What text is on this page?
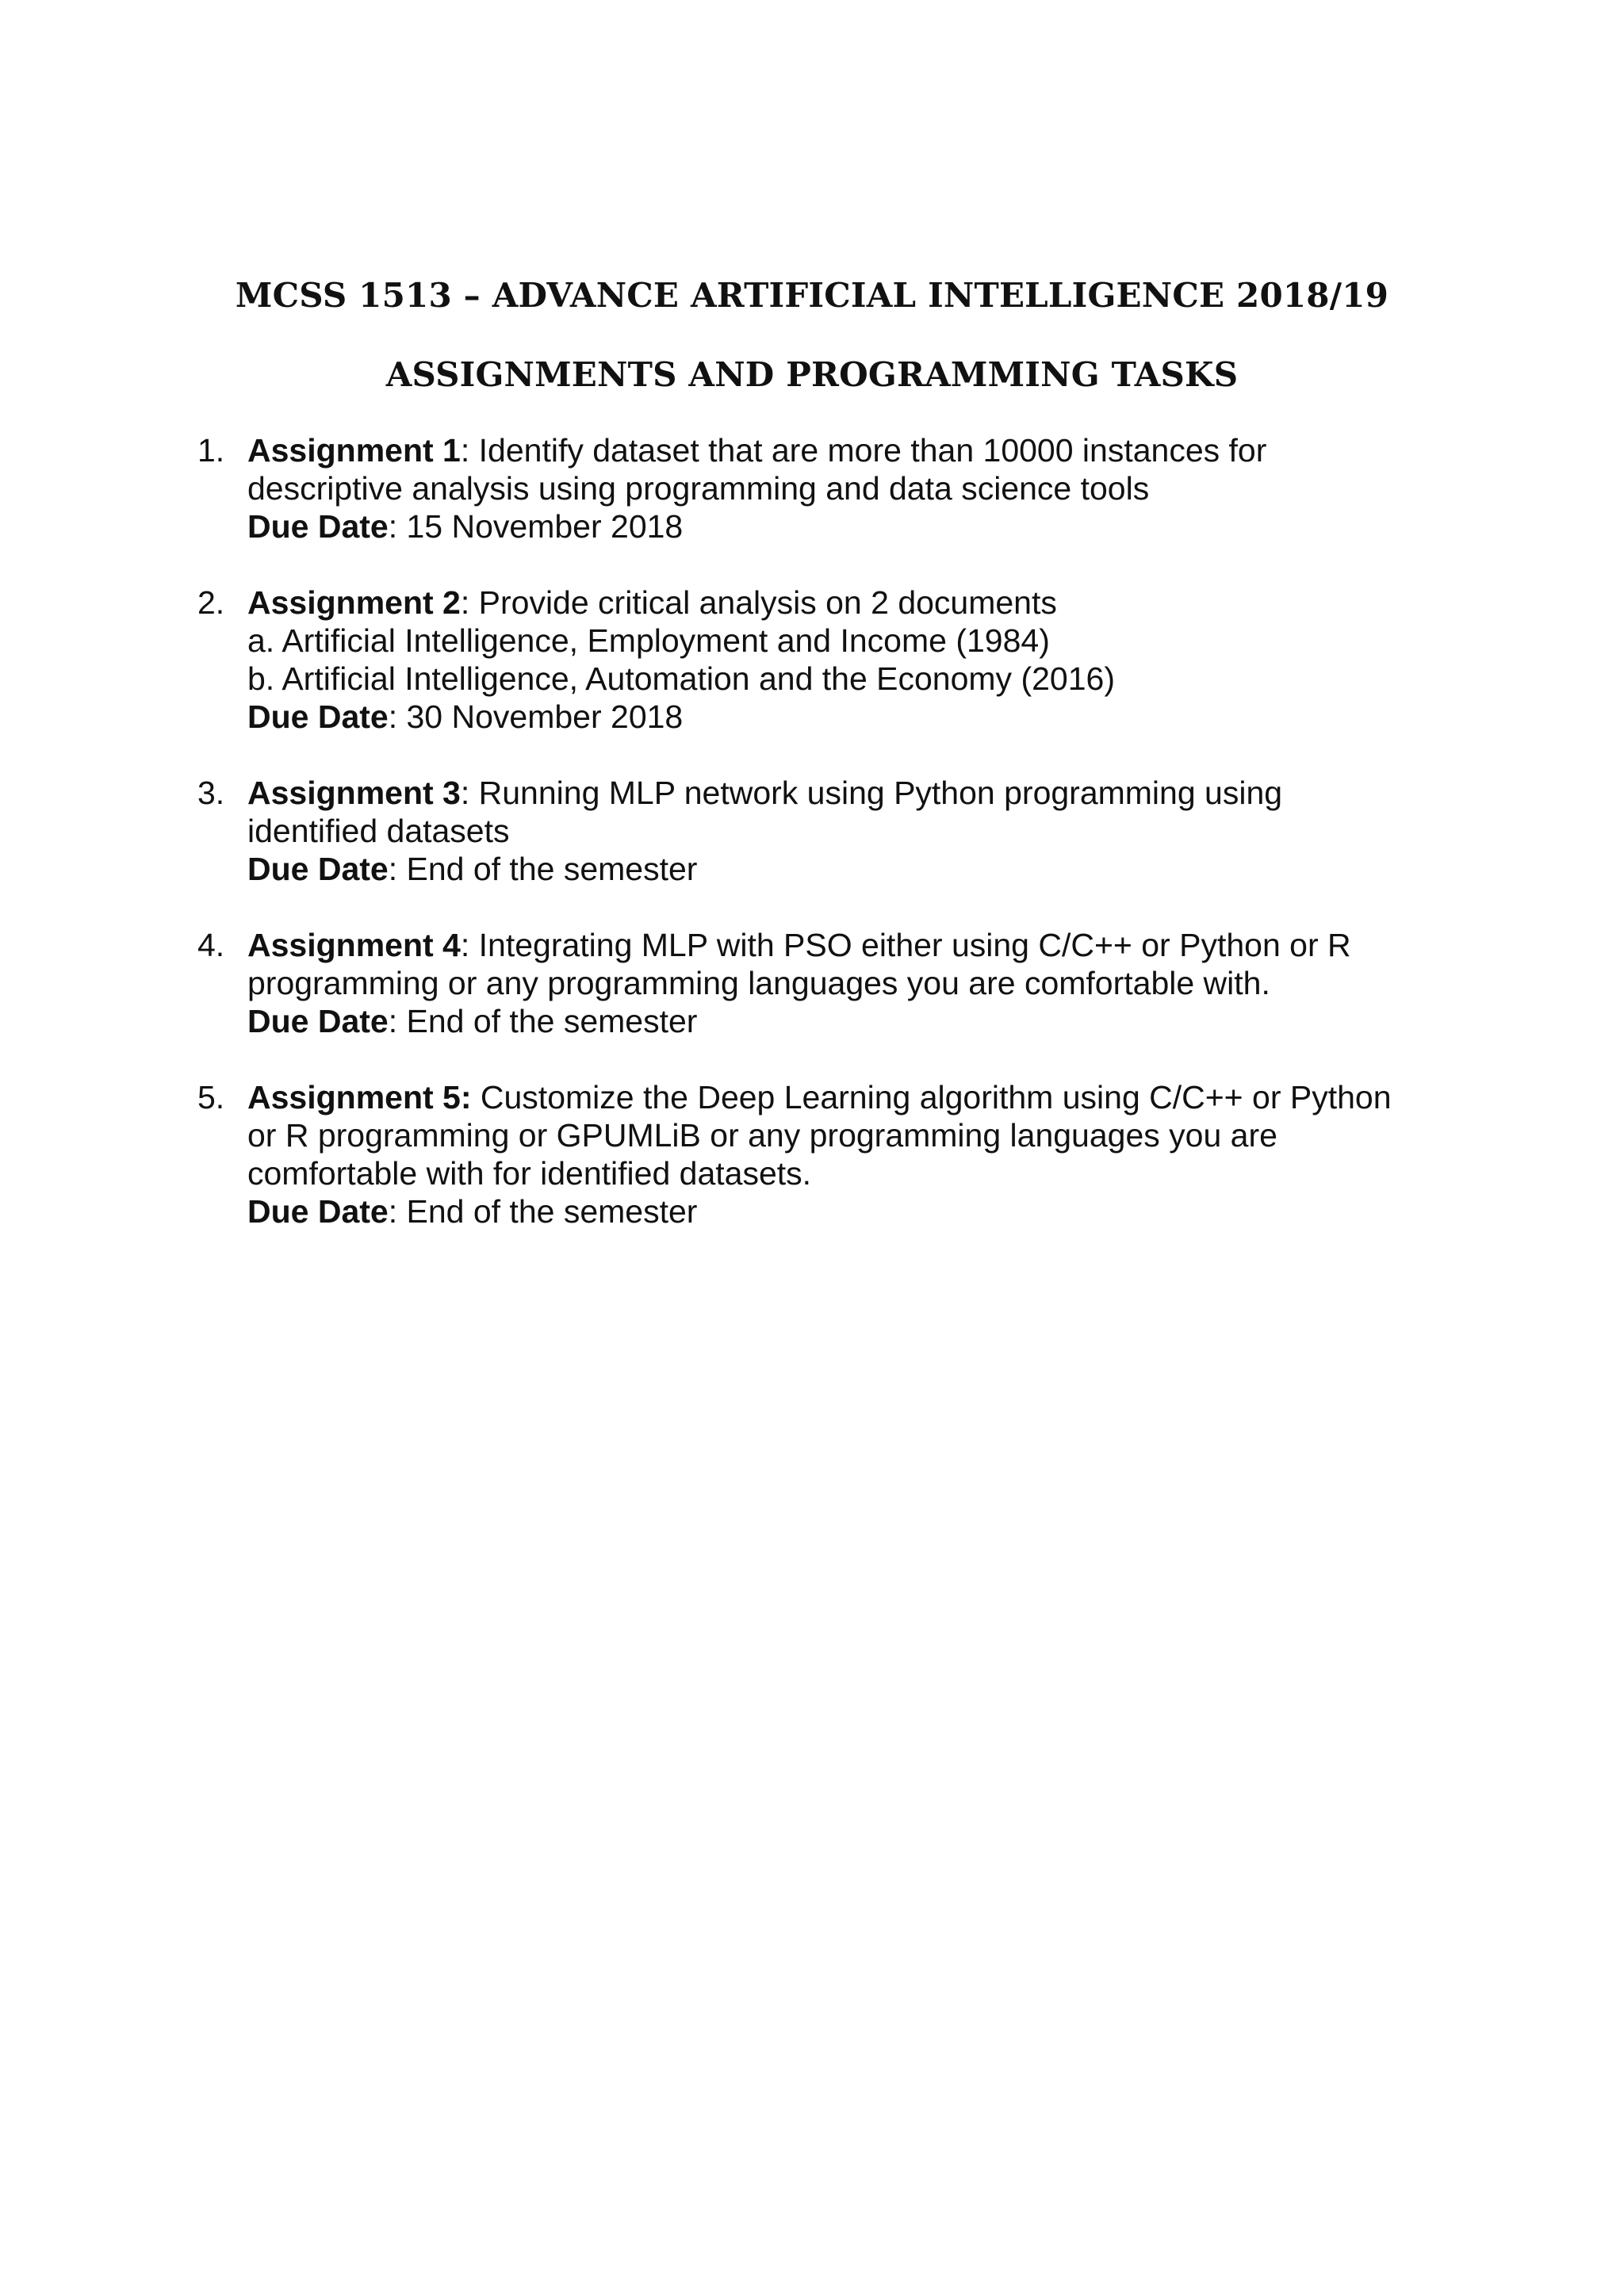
MCSS 1513 – ADVANCE ARTIFICIAL INTELLIGENCE 2018/19
ASSIGNMENTS AND PROGRAMMING TASKS
1. Assignment 1: Identify dataset that are more than 10000 instances for
descriptive analysis using programming and data science tools
Due Date: 15 November 2018
2. Assignment 2: Provide critical analysis on 2 documents
a. Artificial Intelligence, Employment and Income (1984)
b. Artificial Intelligence, Automation and the Economy (2016)
Due Date: 30 November 2018
3. Assignment 3: Running MLP network using Python programming using
identified datasets
Due Date: End of the semester
4. Assignment 4: Integrating MLP with PSO either using C/C++ or Python or R
programming or any programming languages you are comfortable with.
Due Date: End of the semester
5. Assignment 5: Customize the Deep Learning algorithm using C/C++ or Python
or R programming or GPUMLiB or any programming languages you are
comfortable with for identified datasets.
Due Date: End of the semester
